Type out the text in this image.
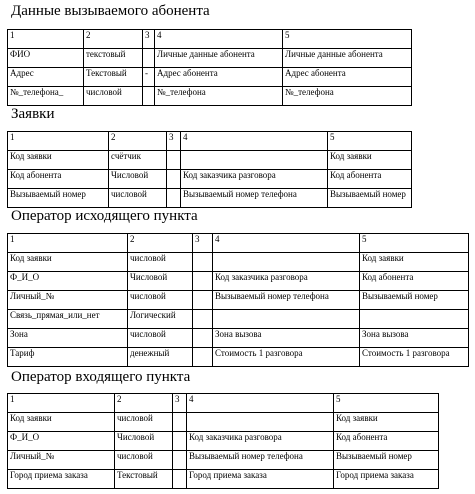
Данные вызываемого абонента
1	2	3	4	5
ФИО	текстовый		Личные данные абонента	Личные данные абонента
Адрес	Текстовый	-	Адрес абонента	Адрес абонента
№_телефона_	числовой		№_телефона	№_телефона
Заявки
1	2	3	4	5
Код заявки	счётчик			Код заявки
Код абонента	Числовой		Код заказчика разговора	Код абонента
Вызываемый номер	числовой		Вызываемый номер телефона	Вызываемый номер
Оператор исходящего пункта
1	2	3	4	5
Код заявки	числовой			Код заявки
Ф_И_О	Числовой		Код заказчика разговора	Код абонента
Личный_№	числовой		Вызываемый номер телефона	Вызываемый номер
Связь_прямая_или_нет	Логический			
Зона	числовой		Зона вызова	Зона вызова
Тариф	денежный		Стоимость 1 разговора	Стоимость 1 разговора
Оператор входящего пункта
1	2	3	4	5
Код заявки	числовой			Код заявки
Ф_И_О	Числовой		Код заказчика разговора	Код абонента
Личный_№	числовой		Вызываемый номер телефона	Вызываемый номер
Город приема заказа	Текстовый		Город приема заказа	Город приема заказа
